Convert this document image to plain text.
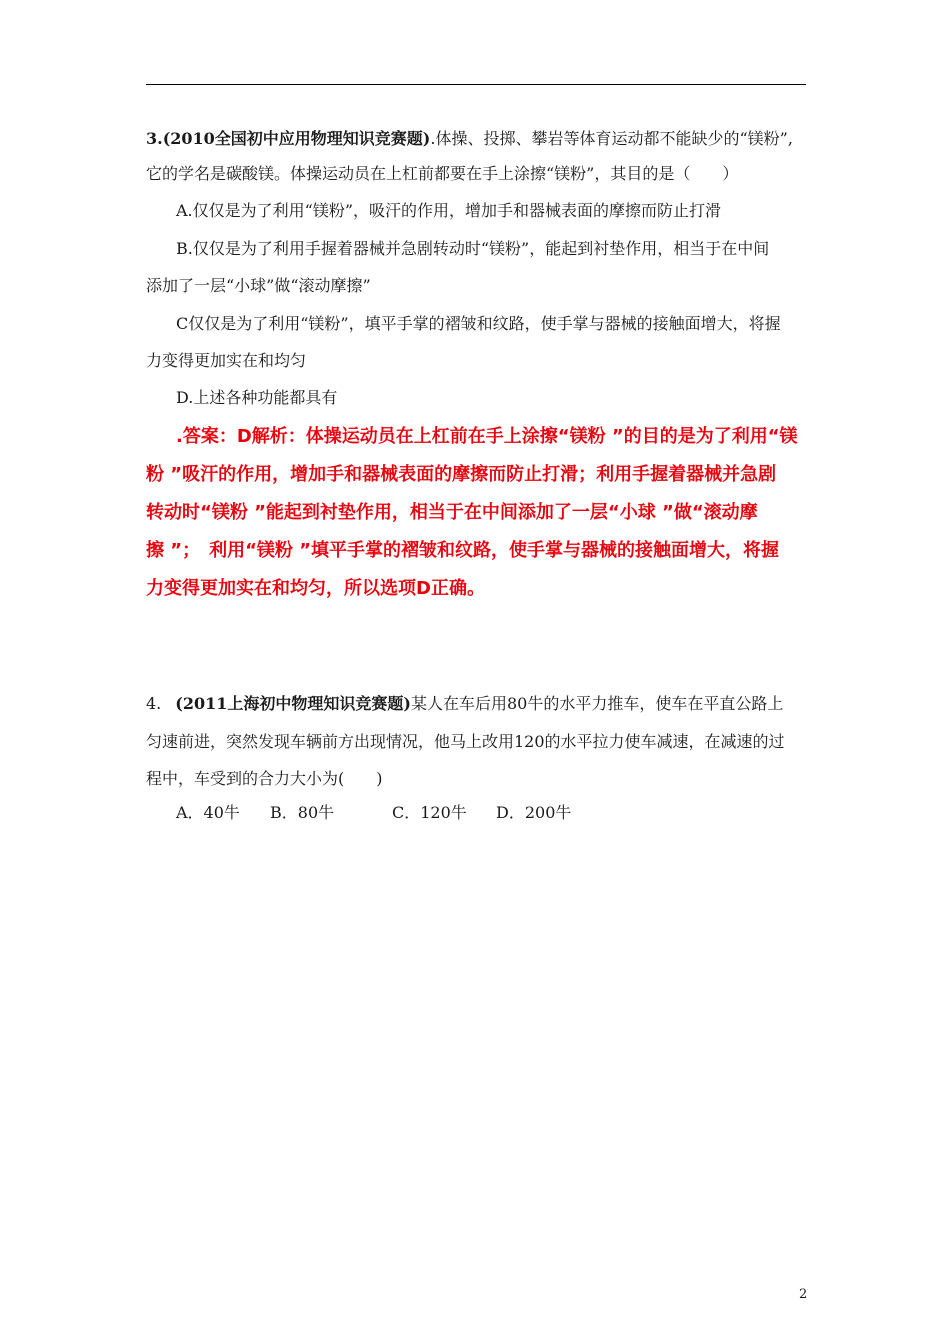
3.(2010全国初中应用物理知识竞赛题).体操、投掷、攀岩等体育运动都不能缺少的“镁粉”,
它的学名是碳酸镁。体操运动员在上杠前都要在手上涂擦“镁粉”，其目的是（　　）
A.仅仅是为了利用“镁粉”，吸汗的作用，增加手和器械表面的摩擦而防止打滑
B.仅仅是为了利用手握着器械并急剧转动时“镁粉”，能起到衬垫作用，相当于在中间
添加了一层“小球”做“滚动摩擦”
C仅仅是为了利用“镁粉”，填平手掌的褶皱和纹路，使手掌与器械的接触面增大，将握
力变得更加实在和均匀
D.上述各种功能都具有
.答案：D解析：体操运动员在上杠前在手上涂擦“镁粉 ”的目的是为了利用“镁
粉 ”吸汗的作用，增加手和器械表面的摩擦而防止打滑；利用手握着器械并急剧
转动时“镁粉 ”能起到衬垫作用，相当于在中间添加了一层“小球 ”做“滚动摩
擦 ”；　利用“镁粉 ”填平手掌的褶皱和纹路，使手掌与器械的接触面增大，将握
力变得更加实在和均匀，所以选项D正确。
4. (2011上海初中物理知识竞赛题)某人在车后用80牛的水平力推车，使车在平直公路上
匀速前进，突然发现车辆前方出现情况，他马上改用120的水平拉力使车减速，在减速的过
程中，车受到的合力大小为(　　)
A．40牛 B．80牛	C．120牛 D．200牛
2
